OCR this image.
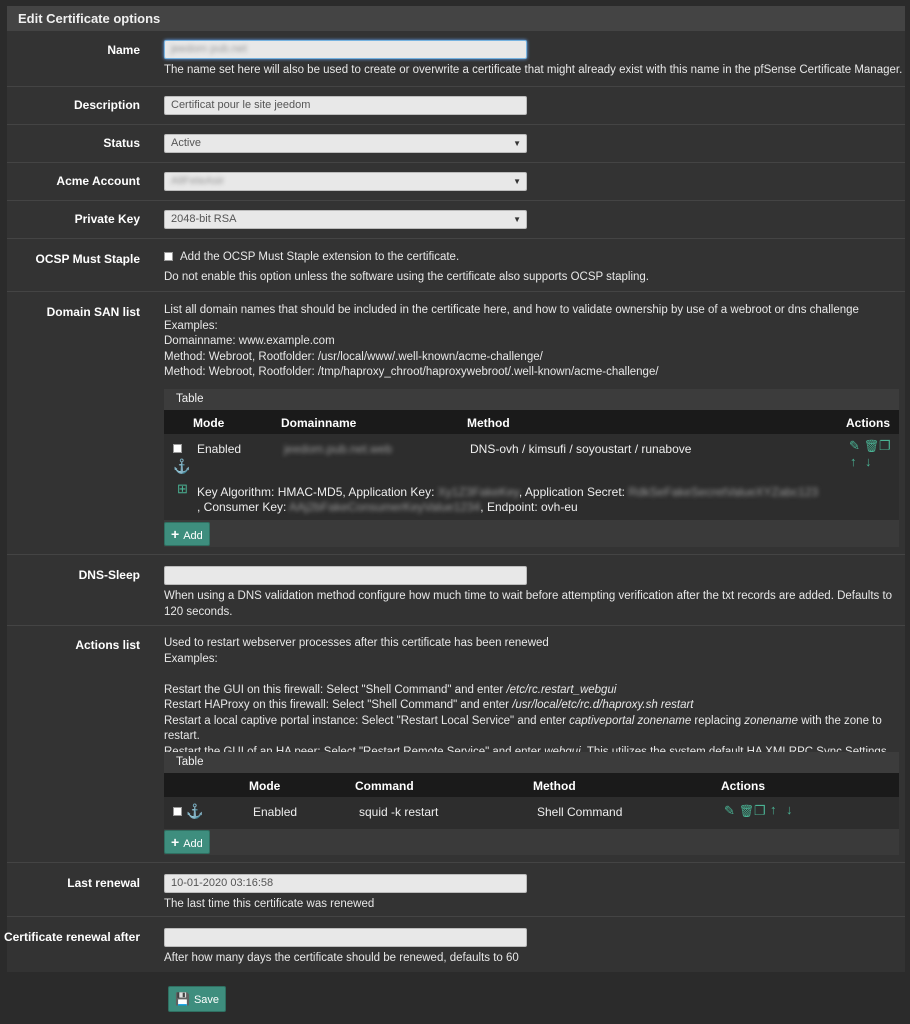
Edit Certificate options
Name	jeedom pub.net
The name set here will also be used to create or overwrite a certificate that might already exist with this name in the pfSense Certificate Manager.
Description	Certificat pour le site jeedom
Status	Active	▼
Acme Account	AllFeteAsir	▼
Private Key	2048-bit RSA	▼
OCSP Must Staple	Add the OCSP Must Staple extension to the certificate.
Do not enable this option unless the software using the certificate also supports OCSP stapling.
Domain SAN list List all domain names that should be included in the certificate here, and how to validate ownership by use of a webroot or dns challenge
Examples:
Domainname: www.example.com
Method: Webroot, Rootfolder: /usr/local/www/.well-known/acme-challenge/
Method: Webroot, Rootfolder: /tmp/haproxy_chroot/haproxywebroot/.well-known/acme-challenge/
Table
Mode	Domainname	Method	Actions
Enabled	jeedom.pub.net.web	DNS-ovh / kimsufi / soyoustart / runabove
⚓
✎ 🗑 ❐
↑ ↓
⊞ Key Algorithm: HMAC-MD5, Application Key: Xy1Z3FakeKey, Application Secret: RdkSeFakeSecretValueXYZabc123
, Consumer Key: AAj2bFakeConsumerKeyValue1234, Endpoint: ovh-eu
+ Add
DNS-Sleep
When using a DNS validation method configure how much time to wait before attempting verification after the txt records are added. Defaults to 120 seconds.
Actions list Used to restart webserver processes after this certificate has been renewed
Examples:
Restart the GUI on this firewall: Select "Shell Command" and enter /etc/rc.restart_webgui
Restart HAProxy on this firewall: Select "Shell Command" and enter /usr/local/etc/rc.d/haproxy.sh restart
Restart a local captive portal instance: Select "Restart Local Service" and enter captiveportal zonename replacing zonename with the zone to restart.
Table
Mode	Command	Method	Actions
⚓	Enabled	squid -k restart	Shell Command	✎ 🗑 ❐ ↑ ↓
+ Add
Last renewal	10-01-2020 03:16:58
The last time this certificate was renewed
Certificate renewal after
After how many days the certificate should be renewed, defaults to 60
💾 Save
